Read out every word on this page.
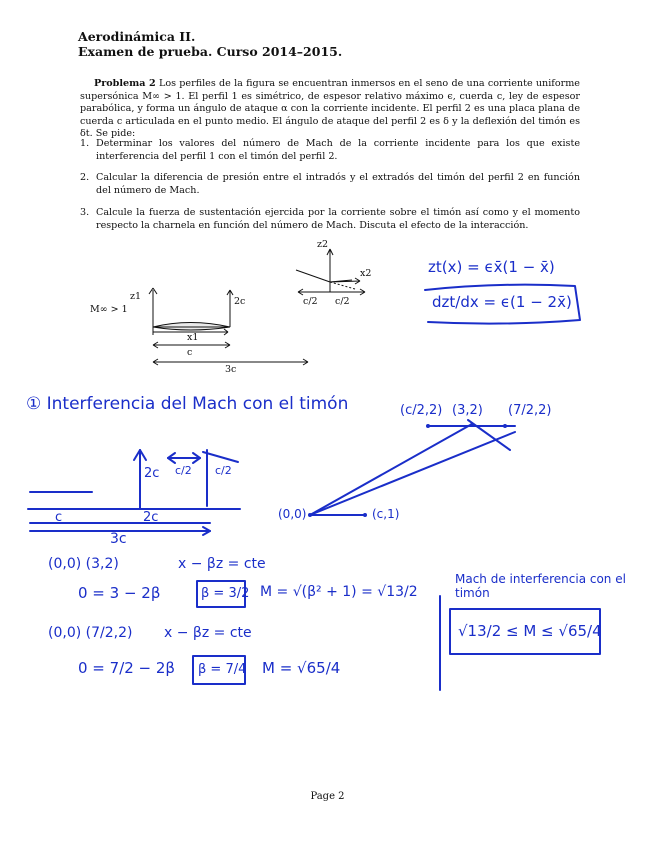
Aerodinámica II.
Examen de prueba. Curso 2014–2015.
Problema 2 Los perfiles de la figura se encuentran inmersos en el seno de una corriente uniforme supersónica M∞ > 1. El perfil 1 es simétrico, de espesor relativo máximo ϵ, cuerda c, ley de espesor parabólica, y forma un ángulo de ataque α con la corriente incidente. El perfil 2 es una placa plana de cuerda c articulada en el punto medio. El ángulo de ataque del perfil 2 es δ y la deflexión del timón es δt. Se pide:
1. Determinar los valores del número de Mach de la corriente incidente para los que existe interferencia del perfil 1 con el timón del perfil 2.
2. Calcular la diferencia de presión entre el intradós y el extradós del timón del perfil 2 en función del número de Mach.
3. Calcule la fuerza de sustentación ejercida por la corriente sobre el timón así como y el momento respecto la charnela en función del número de Mach. Discuta el efecto de la interacción.
M∞ > 1
z1
x1
2c
c
3c
z2
x2
c/2 c/2
zt(x) = ϵx̄(1 − x̄)
dzt/dx = ϵ(1 − 2x̄)
① Interferencia del Mach con el timón
2c c/2 c/2
c	2c
3c
(0,0)	(c,1)
(c/2,2) (3,2) (7/2,2)
(0,0) (3,2)	x − βz = cte
0 = 3 − 2β	β = 3/2 M = √(β² + 1) = √13/2
(0,0) (7/2,2) x − βz = cte
0 = 7/2 − 2β β = 7/4 M = √65/4
Mach de interferencia con el timón
√13/2 ≤ M ≤ √65/4
Page 2
